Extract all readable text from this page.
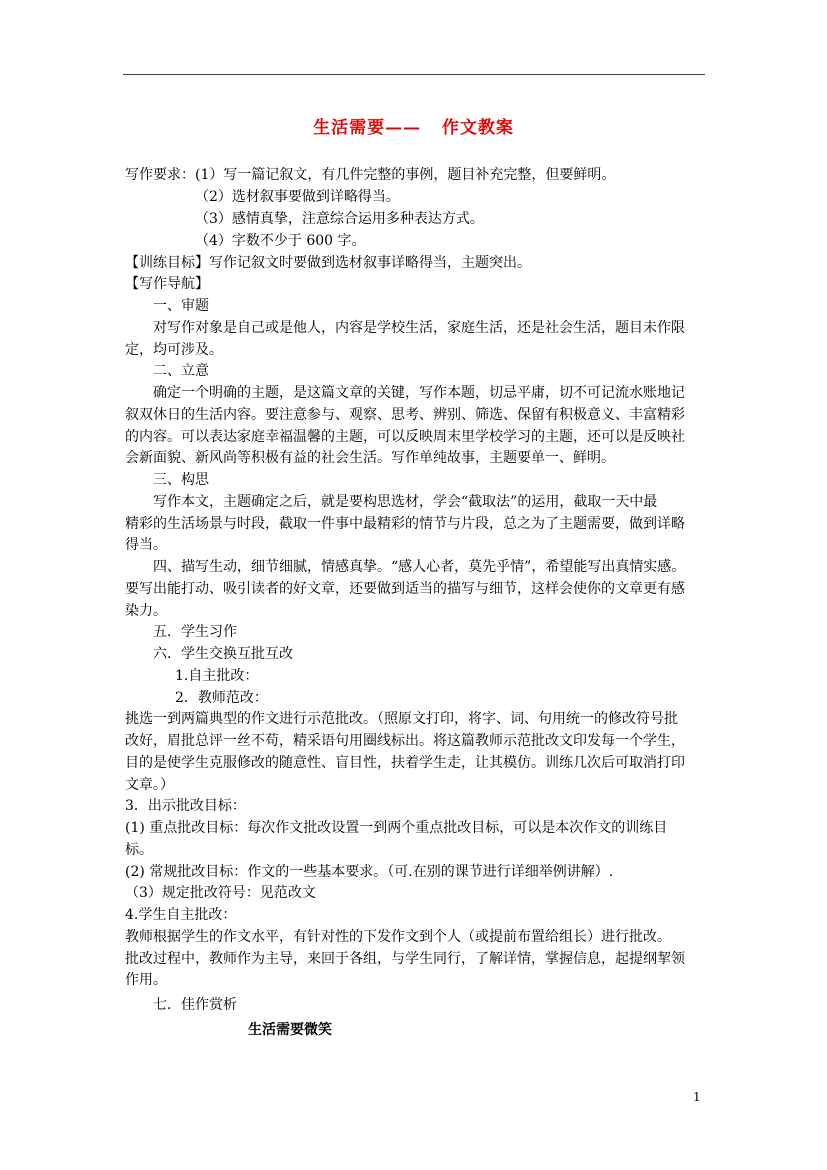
生活需要——   作文教案
写作要求：(1）写一篇记叙文，有几件完整的事例，题目补充完整，但要鲜明。
（2）选材叙事要做到详略得当。
（3）感情真挚，注意综合运用多种表达方式。
（4）字数不少于 600 字。
【训练目标】写作记叙文时要做到选材叙事详略得当，主题突出。
【写作导航】
一、审题
对写作对象是自己或是他人，内容是学校生活，家庭生活，还是社会生活，题目未作限
定，均可涉及。
二、立意
确定一个明确的主题，是这篇文章的关键，写作本题，切忌平庸，切不可记流水账地记
叙双休日的生活内容。要注意参与、观察、思考、辨别、筛选、保留有积极意义、丰富精彩
的内容。可以表达家庭幸福温馨的主题，可以反映周末里学校学习的主题，还可以是反映社
会新面貌、新风尚等积极有益的社会生活。写作单纯故事，主题要单一、鲜明。
三、构思
写作本文，主题确定之后，就是要构思选材，学会“截取法”的运用，截取一天中最
精彩的生活场景与时段，截取一件事中最精彩的情节与片段，总之为了主题需要，做到详略
得当。
四、描写生动，细节细腻，情感真挚。“感人心者，莫先乎情”，希望能写出真情实感。
要写出能打动、吸引读者的好文章，还要做到适当的描写与细节，这样会使你的文章更有感
染力。
五．学生习作
六．学生交换互批互改
1.自主批改：
2．教师范改：
挑选一到两篇典型的作文进行示范批改。（照原文打印，将字、词、句用统一的修改符号批
改好，眉批总评一丝不苟，精采语句用圈线标出。将这篇教师示范批改文印发每一个学生，
目的是使学生克服修改的随意性、盲目性，扶着学生走，让其模仿。训练几次后可取消打印
文章。）
3．出示批改目标：
(1) 重点批改目标：每次作文批改设置一到两个重点批改目标，可以是本次作文的训练目
标。
(2) 常规批改目标：作文的一些基本要求。（可.在别的课节进行详细举例讲解）.
（3）规定批改符号：见范改文
4.学生自主批改：
教师根据学生的作文水平，有针对性的下发作文到个人（或提前布置给组长）进行批改。
批改过程中，教师作为主导，来回于各组，与学生同行，了解详情，掌握信息，起提纲挈领
作用。
七．佳作赏析
生活需要微笑
1
